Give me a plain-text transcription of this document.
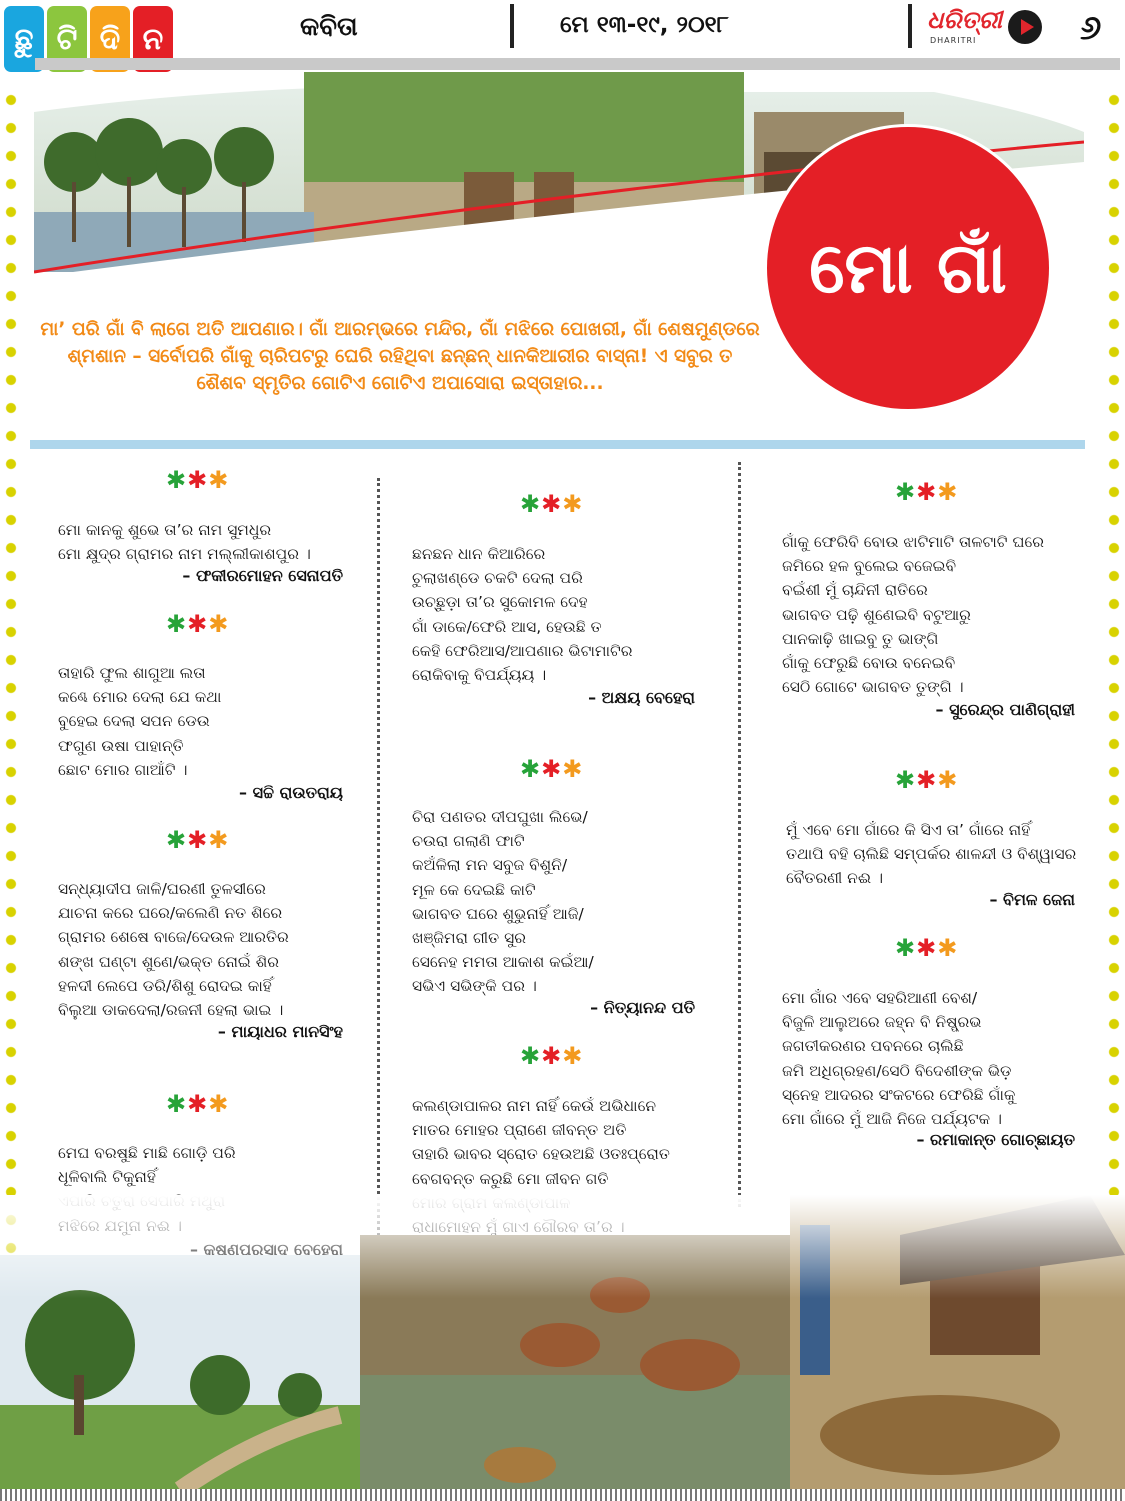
ଛୁ ଟି ଦି ନ	କବିତା	ମେ ୧୩-୧୯, ୨୦୧୮	ଧରିତ୍ରୀ
DHARITRI	୬
ମୋ ଗାଁ
ମା’ ପରି ଗାଁ ବି ଲାଗେ ଅତି ଆପଣାର। ଗାଁ ଆରମ୍ଭରେ ମନ୍ଦିର, ଗାଁ ମଝିରେ ପୋଖରୀ, ଗାଁ ଶେଷମୁଣ୍ଡରେ ଶ୍ମଶାନ – ସର୍ବୋପରି ଗାଁକୁ ଚାରିପଟରୁ ଘେରି ରହିଥିବା ଛନ୍ଛନ୍ ଧାନକିଆରୀର ବାସ୍ନା! ଏ ସବୁର ତ ଶୈଶବ ସ୍ମୃତିର ଗୋଟିଏ ଗୋଟିଏ ଅପାସୋରା ଇସ୍ତାହାର...
✱✱✱
ମୋ କାନକୁ ଶୁଭେ ତା’ର ନାମ ସୁମଧୁର
ମୋ କ୍ଷୁଦ୍ର ଗ୍ରାମର ନାମ ମଲ୍ଲୀକାଶପୁର ।
– ଫକୀରମୋହନ ସେନାପତି
✱✱✱
ତାହାରି ଫୁଲ ଶାଗୁଆ ଲତା
କଣ୍ଢେ ମୋର ଦେଲା ଯେ କଥା
ବୁହେଇ ଦେଲା ସପନ ଡେଉ
ଫଗୁଣ ଉଷା ପାହାନ୍ତି
ଛୋଟ ମୋର ଗାଆଁଟି ।
– ସଚ୍ଚି ରାଉତରାୟ
✱✱✱
ସନ୍ଧ୍ୟାଦୀପ ଜାଳି/ଘରଣୀ ତୁଳସୀରେ
ଯାଚନା କରେ ଘରେ/କଲେଣି ନତ ଶିରେ
ଗ୍ରାମର ଶେଷେ ବାଜେ/ଦେଉଳ ଆରତିର
ଶଙ୍ଖ ଘଣ୍ଟା ଶୁଣେ/ଭକ୍ତ ନୋଇଁ ଶିର
ହଳଦୀ ଲେପେ ଡରି/ଶିଶୁ ରୋଦଇ କାହିଁ
ବିଲୁଆ ଡାକଦେଲା/ରଜନୀ ହେଲା ଭାଇ ।
– ମାୟାଧର ମାନସିଂହ
✱✱✱
ମେଘ ବରଷୁଛି ମାଛି ଗୋଡ଼ି ପରି
ଧୂଳିବାଲି ଟିକୁନାହିଁ
✱✱✱
ଛନଛନ ଧାନ କିଆରିରେ
ଚୁଲାଖଣ୍ଡେ ଚକଟି ଦେଲା ପରି
ଉଚ୍ଛୁଡ଼ା ତା’ର ସୁକୋମଳ ଦେହ
ଗାଁ ଡାକେ/ଫେରି ଆସ, ହେଉଛି ତ
କେହି ଫେରିଆସ/ଆପଣାର ଭିଟାମାଟିର
ରୋକିବାକୁ ବିପର୍ଯ୍ୟୟ ।
– ଅକ୍ଷୟ ବେହେରା
✱✱✱
ଚିରା ପଣତର ଦୀପଘୁଖା ଲିଭେ/
ଚଉରା ଗଲାଣି ଫାଟି
କଅଁଳିଲା ମନ ସବୁଜ ବିଶୁନି/
ମୂଳ କେ ଦେଇଛି କାଟି
ଭାଗବତ ଘରେ ଶୁଭୁନାହିଁ ଆଜି/
ଖଞ୍ଜିମରା ଗୀତ ସୁର
ସେନେହ ମମତା ଆକାଶ କଇଁଆ/
ସଭିଏ ସଭିଙ୍କି ପର ।
– ନିତ୍ୟାନନ୍ଦ ପତି
✱✱✱
କଲଣ୍ଡାପାଳର ନାମ ନାହିଁ କେଉଁ ଅଭିଧାନେ
ମାତର ମୋହର ପ୍ରାଣେ ଜୀବନ୍ତ ଅତି
ତାହାରି ଭାବର ସ୍ରୋତ ହେଉଅଛି ଓତଃପ୍ରୋତ
ବେଗବନ୍ତ କରୁଛି ମୋ ଜୀବନ ଗତି
✱✱✱
ଗାଁକୁ ଫେରିବି ବୋଉ ଝାଟିମାଟି ତାଳଟାଟି ଘରେ
ଜମିରେ ହଳ ବୁଲେଇ ବଜେଇବି
ବଇଁଶୀ ମୁଁ ଚାନ୍ଦିନୀ ରାତିରେ
ଭାଗବତ ପଢ଼ି ଶୁଣେଇବି ବଟୁଆରୁ
ପାନକାଢ଼ି ଖାଇବୁ ତୁ ଭାଙ୍ଗି
ଗାଁକୁ ଫେରୁଛି ବୋଉ ବନେଇବି
ସେଠି ଗୋଟେ ଭାଗବତ ତୁଙ୍ଗି ।
– ସୁରେନ୍ଦ୍ର ପାଣିଗ୍ରାହୀ
✱✱✱
ମୁଁ ଏବେ ମୋ ଗାଁରେ କି ସିଏ ତା’ ଗାଁରେ ନାହିଁ
ତଥାପି ବହି ଚାଲିଛି ସମ୍ପର୍କର ଶାଳନ୍ଦୀ ଓ ବିଶ୍ୱାସର
ବୈତରଣୀ ନଈ ।
– ବିମଳ ଜେନା
✱✱✱
ମୋ ଗାଁର ଏବେ ସହରିଆଣୀ ବେଶ/
ବିଜୁଳି ଆଲୁଅରେ ଜହ୍ନ ବି ନିଷ୍ପ୍ରଭ
ଜଗତୀକରଣର ପବନରେ ଚାଲିଛି
ଜମି ଅଧିଗ୍ରହଣ/ସେଠି ବିଦେଶୀଙ୍କ ଭିଡ଼
ସ୍ନେହ ଆଦରର ସଂକଟରେ ଫେରିଛି ଗାଁକୁ
ମୋ ଗାଁରେ ମୁଁ ଆଜି ନିଜେ ପର୍ଯ୍ୟଟକ ।
– ରମାକାନ୍ତ ଗୋଚ୍ଛାୟତ
